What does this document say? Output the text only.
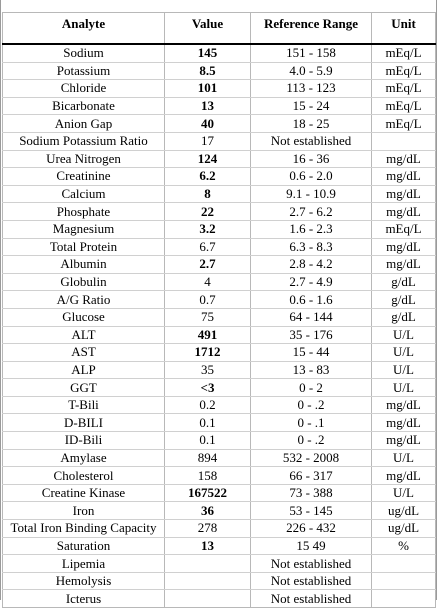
Analyte	Value	Reference Range	Unit
Sodium	145	151 - 158	mEq/L
Potassium	8.5	4.0 - 5.9	mEq/L
Chloride	101	113 - 123	mEq/L
Bicarbonate	13	15 - 24	mEq/L
Anion Gap	40	18 - 25	mEq/L
Sodium Potassium Ratio	17	Not established	
Urea Nitrogen	124	16 - 36	mg/dL
Creatinine	6.2	0.6 - 2.0	mg/dL
Calcium	8	9.1 - 10.9	mg/dL
Phosphate	22	2.7 - 6.2	mg/dL
Magnesium	3.2	1.6 - 2.3	mEq/L
Total Protein	6.7	6.3 - 8.3	mg/dL
Albumin	2.7	2.8 - 4.2	mg/dL
Globulin	4	2.7 - 4.9	g/dL
A/G Ratio	0.7	0.6 - 1.6	g/dL
Glucose	75	64 - 144	g/dL
ALT	491	35 - 176	U/L
AST	1712	15 - 44	U/L
ALP	35	13 - 83	U/L
GGT	<3	0 - 2	U/L
T-Bili	0.2	0 - .2	mg/dL
D-BILI	0.1	0 - .1	mg/dL
ID-Bili	0.1	0 - .2	mg/dL
Amylase	894	532 - 2008	U/L
Cholesterol	158	66 - 317	mg/dL
Creatine Kinase	167522	73 - 388	U/L
Iron	36	53 - 145	ug/dL
Total Iron Binding Capacity	278	226 - 432	ug/dL
Saturation	13	15 49	%
Lipemia		Not established	
Hemolysis		Not established	
Icterus		Not established	
